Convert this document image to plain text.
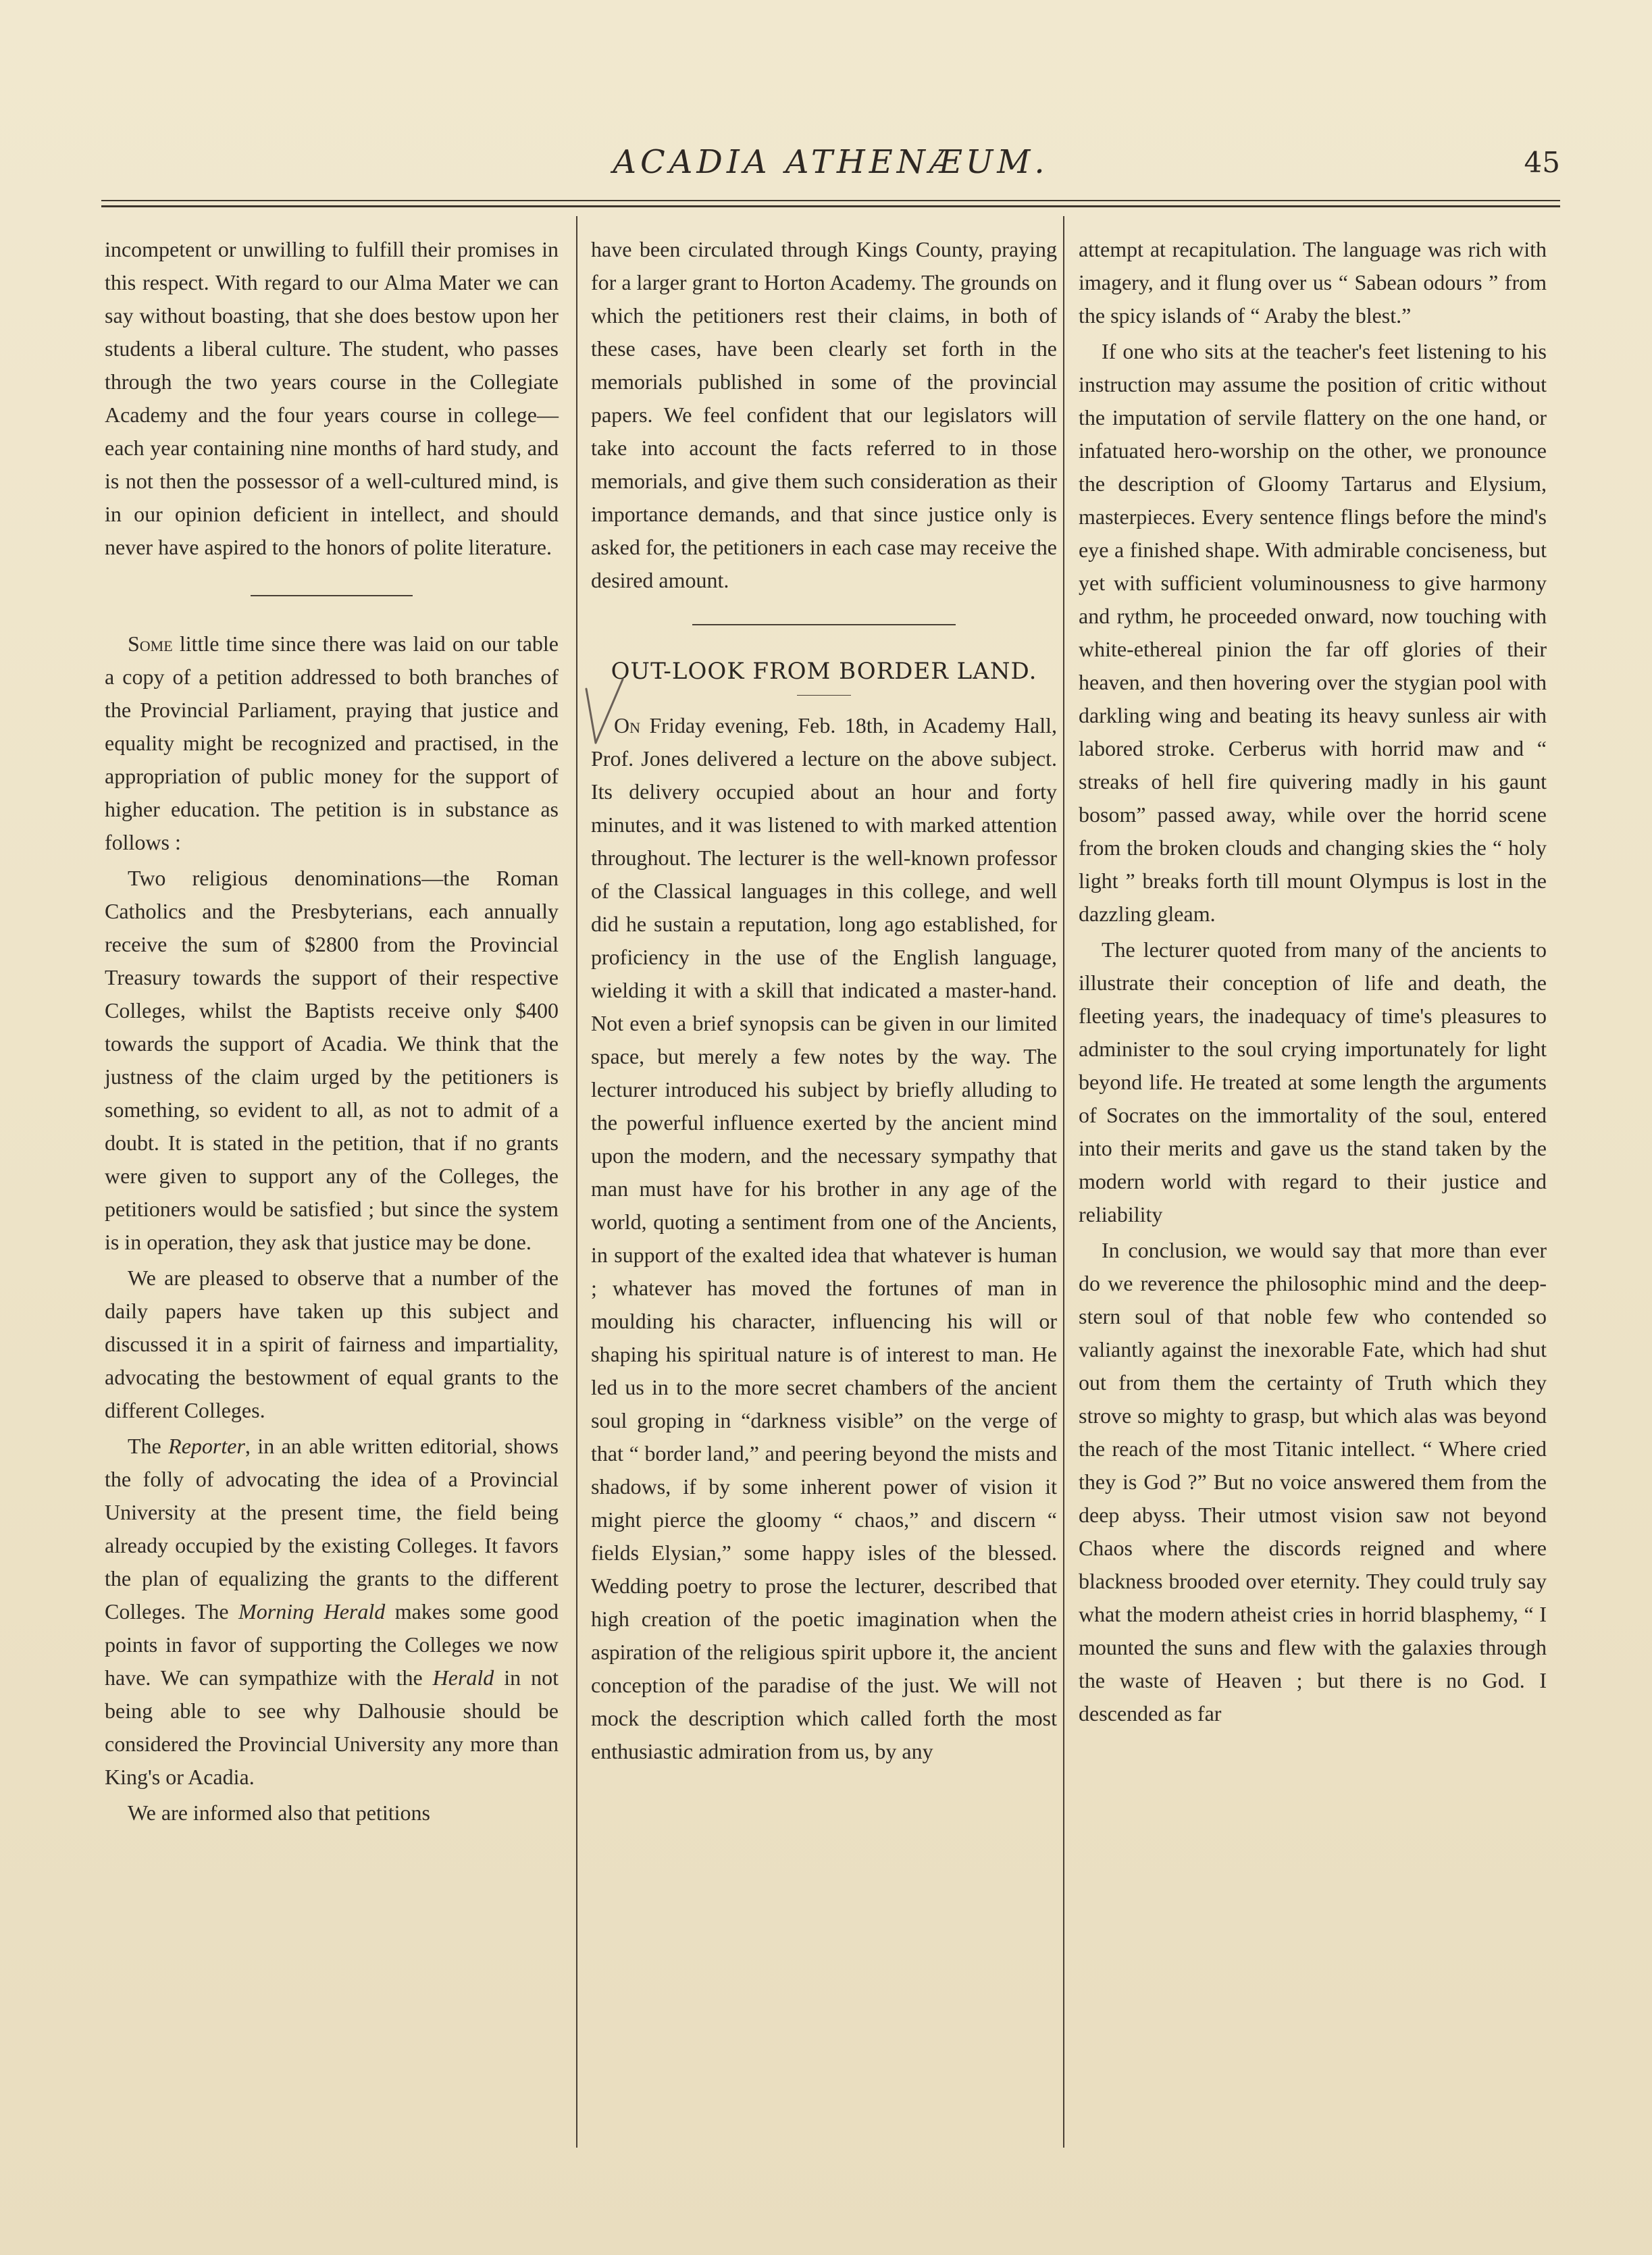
ACADIA ATHENÆUM.	45

incompetent or unwilling to fulfill their promises in this respect. With regard to our Alma Mater we can say without boasting, that she does bestow upon her students a liberal culture. The student, who passes through the two years course in the Collegiate Academy and the four years course in college—each year containing nine months of hard study, and is not then the possessor of a well-cultured mind, is in our opinion deficient in intellect, and should never have aspired to the honors of polite literature.

Some little time since there was laid on our table a copy of a petition addressed to both branches of the Provincial Parliament, praying that justice and equality might be recognized and practised, in the appropriation of public money for the support of higher education. The petition is in substance as follows :

Two religious denominations—the Roman Catholics and the Presbyterians, each annually receive the sum of $2800 from the Provincial Treasury towards the support of their respective Colleges, whilst the Baptists receive only $400 towards the support of Acadia. We think that the justness of the claim urged by the petitioners is something, so evident to all, as not to admit of a doubt. It is stated in the petition, that if no grants were given to support any of the Colleges, the petitioners would be satisfied ; but since the system is in operation, they ask that justice may be done.

We are pleased to observe that a number of the daily papers have taken up this subject and discussed it in a spirit of fairness and impartiality, advocating the bestowment of equal grants to the different Colleges.

The Reporter, in an able written editorial, shows the folly of advocating the idea of a Provincial University at the present time, the field being already occupied by the existing Colleges. It favors the plan of equalizing the grants to the different Colleges. The Morning Herald makes some good points in favor of supporting the Colleges we now have. We can sympathize with the Herald in not being able to see why Dalhousie should be considered the Provincial University any more than King's or Acadia.

We are informed also that petitions

have been circulated through Kings County, praying for a larger grant to Horton Academy. The grounds on which the petitioners rest their claims, in both of these cases, have been clearly set forth in the memorials published in some of the provincial papers. We feel confident that our legislators will take into account the facts referred to in those memorials, and give them such consideration as their importance demands, and that since justice only is asked for, the petitioners in each case may receive the desired amount.

OUT-LOOK FROM BORDER LAND.

On Friday evening, Feb. 18th, in Academy Hall, Prof. Jones delivered a lecture on the above subject. Its delivery occupied about an hour and forty minutes, and it was listened to with marked attention throughout. The lecturer is the well-known professor of the Classical languages in this college, and well did he sustain a reputation, long ago established, for proficiency in the use of the English language, wielding it with a skill that indicated a master-hand. Not even a brief synopsis can be given in our limited space, but merely a few notes by the way. The lecturer introduced his subject by briefly alluding to the powerful influence exerted by the ancient mind upon the modern, and the necessary sympathy that man must have for his brother in any age of the world, quoting a sentiment from one of the Ancients, in support of the exalted idea that whatever is human ; whatever has moved the fortunes of man in moulding his character, influencing his will or shaping his spiritual nature is of interest to man. He led us in to the more secret chambers of the ancient soul groping in “darkness visible” on the verge of that “ border land,” and peering beyond the mists and shadows, if by some inherent power of vision it might pierce the gloomy “ chaos,” and discern “ fields Elysian,” some happy isles of the blessed. Wedding poetry to prose the lecturer, described that high creation of the poetic imagination when the aspiration of the religious spirit upbore it, the ancient conception of the paradise of the just. We will not mock the description which called forth the most enthusiastic admiration from us, by any

attempt at recapitulation. The language was rich with imagery, and it flung over us “ Sabean odours ” from the spicy islands of “ Araby the blest.”

If one who sits at the teacher's feet listening to his instruction may assume the position of critic without the imputation of servile flattery on the one hand, or infatuated hero-worship on the other, we pronounce the description of Gloomy Tartarus and Elysium, masterpieces. Every sentence flings before the mind's eye a finished shape. With admirable conciseness, but yet with sufficient voluminousness to give harmony and rythm, he proceeded onward, now touching with white-ethereal pinion the far off glories of their heaven, and then hovering over the stygian pool with darkling wing and beating its heavy sunless air with labored stroke. Cerberus with horrid maw and “ streaks of hell fire quivering madly in his gaunt bosom” passed away, while over the horrid scene from the broken clouds and changing skies the “ holy light ” breaks forth till mount Olympus is lost in the dazzling gleam.

The lecturer quoted from many of the ancients to illustrate their conception of life and death, the fleeting years, the inadequacy of time's pleasures to administer to the soul crying importunately for light beyond life. He treated at some length the arguments of Socrates on the immortality of the soul, entered into their merits and gave us the stand taken by the modern world with regard to their justice and reliability

In conclusion, we would say that more than ever do we reverence the philosophic mind and the deep-stern soul of that noble few who contended so valiantly against the inexorable Fate, which had shut out from them the certainty of Truth which they strove so mighty to grasp, but which alas was beyond the reach of the most Titanic intellect. “ Where cried they is God ?” But no voice answered them from the deep abyss. Their utmost vision saw not beyond Chaos where the discords reigned and where blackness brooded over eternity. They could truly say what the modern atheist cries in horrid blasphemy, “ I mounted the suns and flew with the galaxies through the waste of Heaven ; but there is no God. I descended as far
